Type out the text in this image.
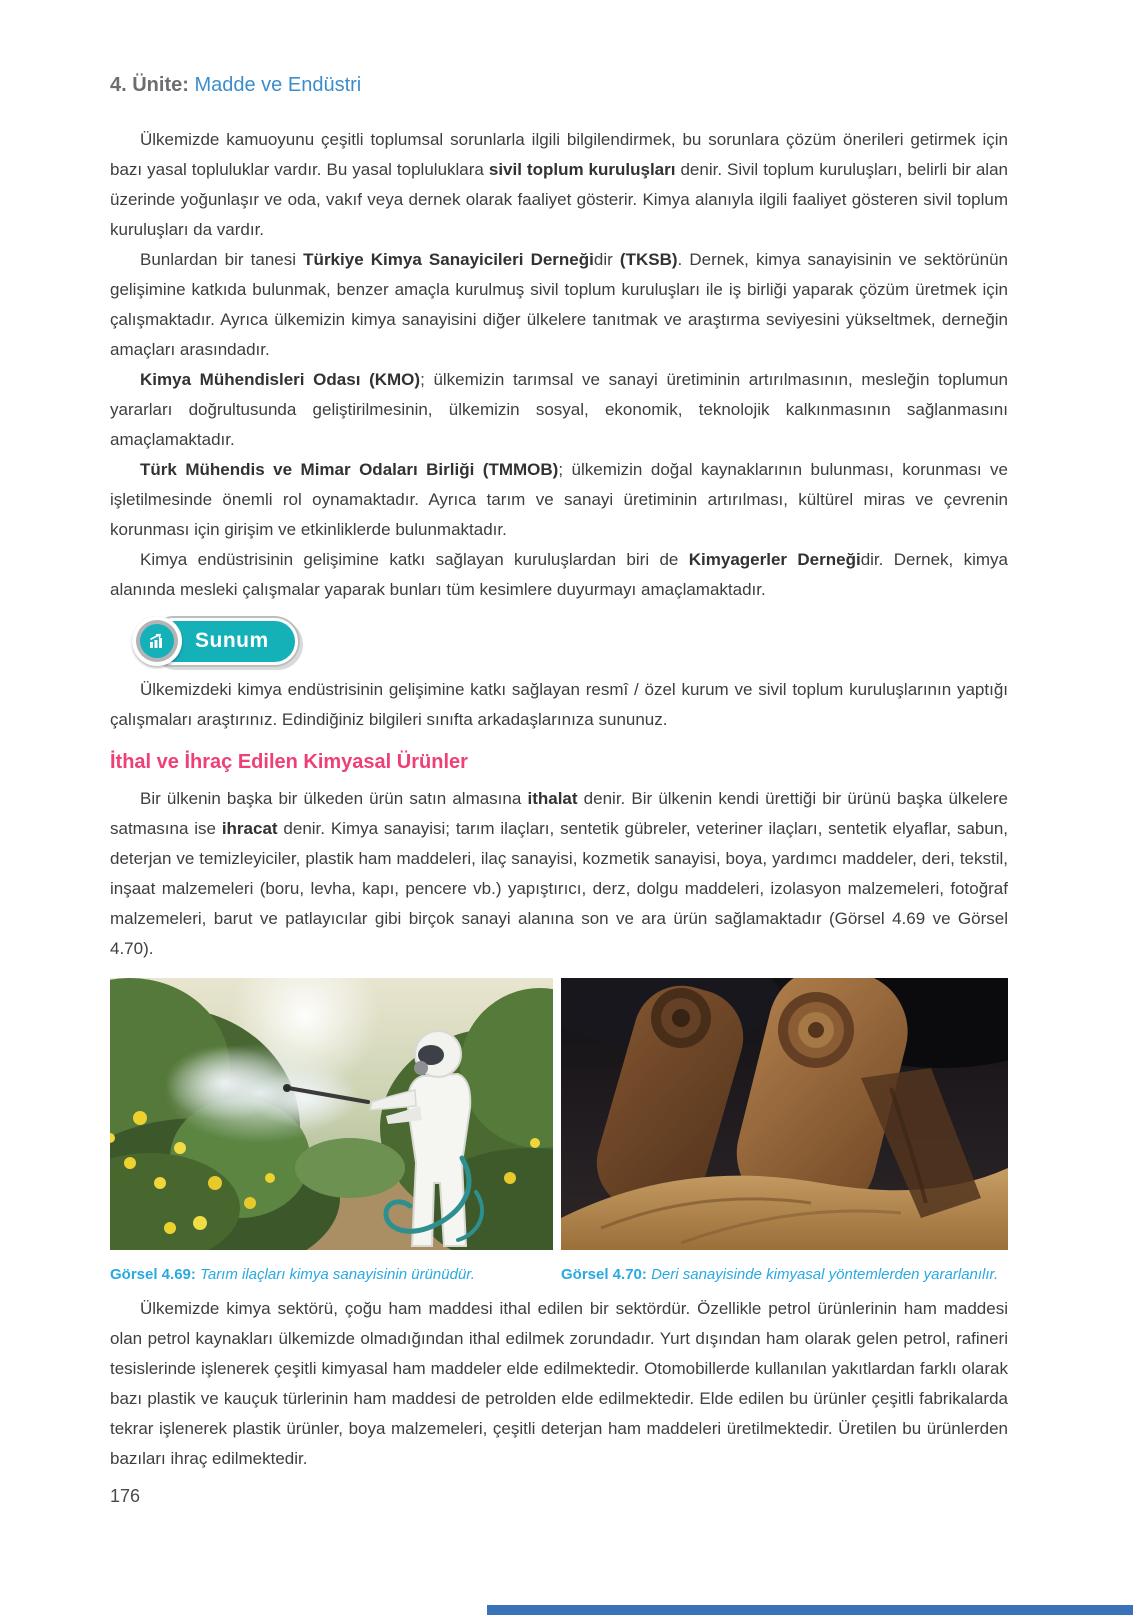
4. Ünite: Madde ve Endüstri

Ülkemizde kamuoyunu çeşitli toplumsal sorunlarla ilgili bilgilendirmek, bu sorunlara çözüm önerileri getirmek için bazı yasal topluluklar vardır. Bu yasal topluluklara sivil toplum kuruluşları denir. Sivil toplum kuruluşları, belirli bir alan üzerinde yoğunlaşır ve oda, vakıf veya dernek olarak faaliyet gösterir. Kimya alanıyla ilgili faaliyet gösteren sivil toplum kuruluşları da vardır.

Bunlardan bir tanesi Türkiye Kimya Sanayicileri Derneğidir (TKSB). Dernek, kimya sanayisinin ve sektörünün gelişimine katkıda bulunmak, benzer amaçla kurulmuş sivil toplum kuruluşları ile iş birliği yaparak çözüm üretmek için çalışmaktadır. Ayrıca ülkemizin kimya sanayisini diğer ülkelere tanıtmak ve araştırma seviyesini yükseltmek, derneğin amaçları arasındadır.

Kimya Mühendisleri Odası (KMO); ülkemizin tarımsal ve sanayi üretiminin artırılmasının, mesleğin toplumun yararları doğrultusunda geliştirilmesinin, ülkemizin sosyal, ekonomik, teknolojik kalkınmasının sağlanmasını amaçlamaktadır.

Türk Mühendis ve Mimar Odaları Birliği (TMMOB); ülkemizin doğal kaynaklarının bulunması, korunması ve işletilmesinde önemli rol oynamaktadır. Ayrıca tarım ve sanayi üretiminin artırılması, kültürel miras ve çevrenin korunması için girişim ve etkinliklerde bulunmaktadır.

Kimya endüstrisinin gelişimine katkı sağlayan kuruluşlardan biri de Kimyagerler Derneğidir. Dernek, kimya alanında mesleki çalışmalar yaparak bunları tüm kesimlere duyurmayı amaçlamaktadır.

Sunum

Ülkemizdeki kimya endüstrisinin gelişimine katkı sağlayan resmî / özel kurum ve sivil toplum kuruluşlarının yaptığı çalışmaları araştırınız. Edindiğiniz bilgileri sınıfta arkadaşlarınıza sununuz.

İthal ve İhraç Edilen Kimyasal Ürünler

Bir ülkenin başka bir ülkeden ürün satın almasına ithalat denir. Bir ülkenin kendi ürettiği bir ürünü başka ülkelere satmasına ise ihracat denir. Kimya sanayisi; tarım ilaçları, sentetik gübreler, veteriner ilaçları, sentetik elyaflar, sabun, deterjan ve temizleyiciler, plastik ham maddeleri, ilaç sanayisi, kozmetik sanayisi, boya, yardımcı maddeler, deri, tekstil, inşaat malzemeleri (boru, levha, kapı, pencere vb.) yapıştırıcı, derz, dolgu maddeleri, izolasyon malzemeleri, fotoğraf malzemeleri, barut ve patlayıcılar gibi birçok sanayi alanına son ve ara ürün sağlamaktadır (Görsel 4.69 ve Görsel 4.70).

Görsel 4.69: Tarım ilaçları kimya sanayisinin ürünüdür.	Görsel 4.70: Deri sanayisinde kimyasal yöntemlerden yararlanılır.

Ülkemizde kimya sektörü, çoğu ham maddesi ithal edilen bir sektördür. Özellikle petrol ürünlerinin ham maddesi olan petrol kaynakları ülkemizde olmadığından ithal edilmek zorundadır. Yurt dışından ham olarak gelen petrol, rafineri tesislerinde işlenerek çeşitli kimyasal ham maddeler elde edilmektedir. Otomobillerde kullanılan yakıtlardan farklı olarak bazı plastik ve kauçuk türlerinin ham maddesi de petrolden elde edilmektedir. Elde edilen bu ürünler çeşitli fabrikalarda tekrar işlenerek plastik ürünler, boya malzemeleri, çeşitli deterjan ham maddeleri üretilmektedir. Üretilen bu ürünlerden bazıları ihraç edilmektedir.

176
